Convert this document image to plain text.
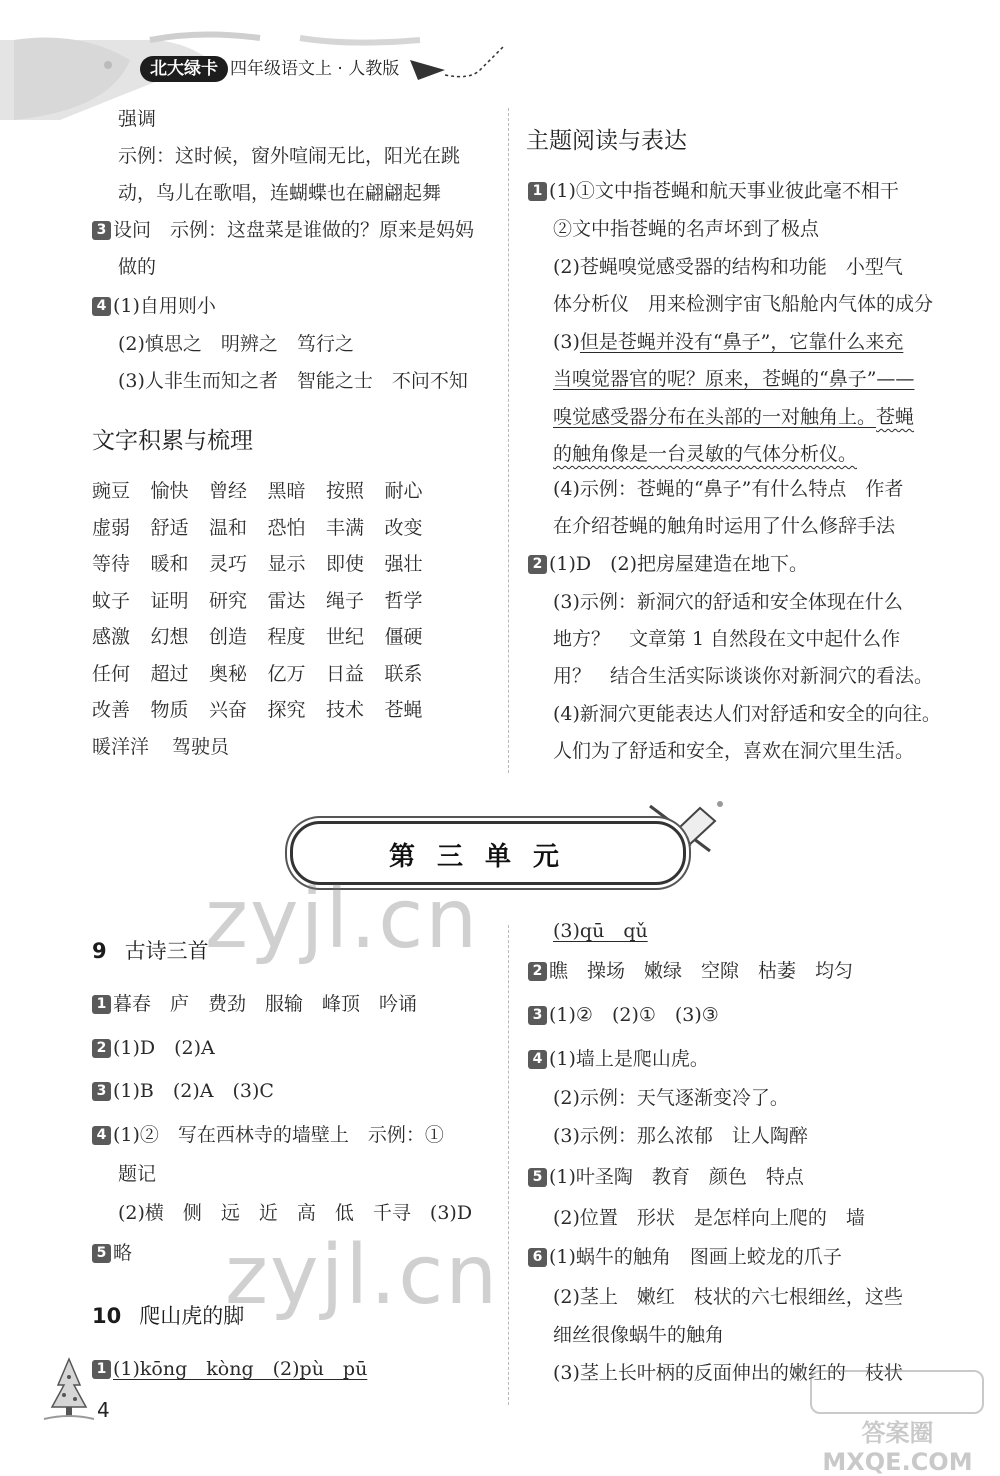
北大绿卡 四年级语文上 · 人教版
强调
示例：这时候，窗外喧闹无比，阳光在跳
动，鸟儿在歌唱，连蝴蝶也在翩翩起舞
3 设问　示例：这盘菜是谁做的？原来是妈妈
做的
4 (1)自用则小
(2)慎思之　明辨之　笃行之
(3)人非生而知之者　智能之士　不问不知
文字积累与梳理
豌豆 愉快 曾经 黑暗 按照 耐心
虚弱 舒适 温和 恐怕 丰满 改变
等待 暖和 灵巧 显示 即使 强壮
蚊子 证明 研究 雷达 绳子 哲学
感激 幻想 创造 程度 世纪 僵硬
任何 超过 奥秘 亿万 日益 联系
改善 物质 兴奋 探究 技术 苍蝇
暖洋洋 驾驶员
主题阅读与表达
1 (1)①文中指苍蝇和航天事业彼此毫不相干
②文中指苍蝇的名声坏到了极点
(2)苍蝇嗅觉感受器的结构和功能　小型气
体分析仪　用来检测宇宙飞船舱内气体的成分
(3)但是苍蝇并没有“鼻子”，它靠什么来充
当嗅觉器官的呢？原来，苍蝇的“鼻子”——
嗅觉感受器分布在头部的一对触角上。苍蝇
的触角像是一台灵敏的气体分析仪。
(4)示例：苍蝇的“鼻子”有什么特点　作者
在介绍苍蝇的触角时运用了什么修辞手法
2 (1)D　(2)把房屋建造在地下。
(3)示例：新洞穴的舒适和安全体现在什么
地方？　文章第 1 自然段在文中起什么作
用？　结合生活实际谈谈你对新洞穴的看法。
(4)新洞穴更能表达人们对舒适和安全的向往。
人们为了舒适和安全，喜欢在洞穴里生活。
第三单元
9 古诗三首
1 暮春　庐　费劲　服输　峰顶　吟诵
2 (1)D　(2)A
3 (1)B　(2)A　(3)C
4 (1)②　写在西林寺的墙壁上　示例：①
题记
(2)横　侧　远　近　高　低　千寻　(3)D
5 略
10 爬山虎的脚
1 (1)kōng　kòng　(2)pù　pū
(3)qū　qǔ
2 瞧　操场　嫩绿　空隙　枯萎　均匀
3 (1)②　(2)①　(3)③
4 (1)墙上是爬山虎。
(2)示例：天气逐渐变冷了。
(3)示例：那么浓郁　让人陶醉
5 (1)叶圣陶　教育　颜色　特点
(2)位置　形状　是怎样向上爬的　墙
6 (1)蜗牛的触角　图画上蛟龙的爪子
(2)茎上　嫩红　枝状的六七根细丝，这些
细丝很像蜗牛的触角
(3)茎上长叶柄的反面伸出的嫩红的　枝状
zyjl.cn
zyjl.cn
4
答案圈 MXQE.COM
